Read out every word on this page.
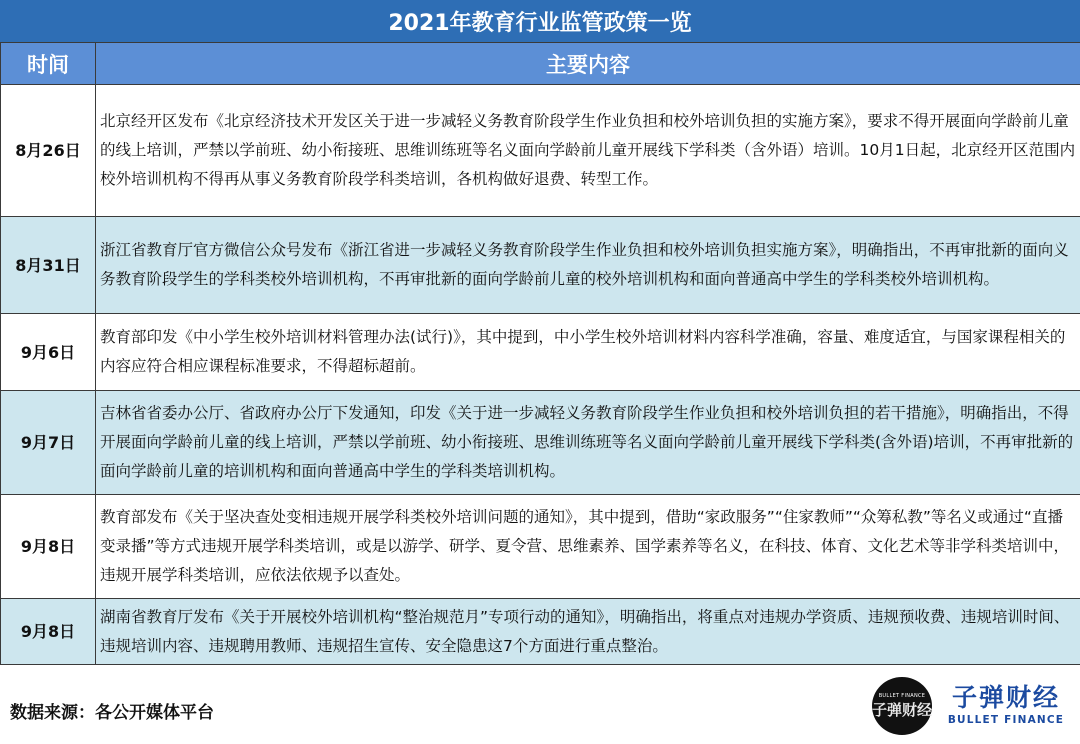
2021年教育行业监管政策一览
时间	主要内容
8月26日	北京经开区发布《北京经济技术开发区关于进一步减轻义务教育阶段学生作业负担和校外培训负担的实施方案》，要求不得开展面向学龄前儿童的线上培训，严禁以学前班、幼小衔接班、思维训练班等名义面向学龄前儿童开展线下学科类（含外语）培训。10月1日起，北京经开区范围内校外培训机构不得再从事义务教育阶段学科类培训，各机构做好退费、转型工作。
8月31日	浙江省教育厅官方微信公众号发布《浙江省进一步减轻义务教育阶段学生作业负担和校外培训负担实施方案》，明确指出，不再审批新的面向义务教育阶段学生的学科类校外培训机构，不再审批新的面向学龄前儿童的校外培训机构和面向普通高中学生的学科类校外培训机构。
9月6日	教育部印发《中小学生校外培训材料管理办法(试行)》，其中提到，中小学生校外培训材料内容科学准确，容量、难度适宜，与国家课程相关的内容应符合相应课程标准要求，不得超标超前。
9月7日	吉林省省委办公厅、省政府办公厅下发通知，印发《关于进一步减轻义务教育阶段学生作业负担和校外培训负担的若干措施》，明确指出，不得开展面向学龄前儿童的线上培训，严禁以学前班、幼小衔接班、思维训练班等名义面向学龄前儿童开展线下学科类(含外语)培训，不再审批新的面向学龄前儿童的培训机构和面向普通高中学生的学科类培训机构。
9月8日	教育部发布《关于坚决查处变相违规开展学科类校外培训问题的通知》，其中提到，借助“家政服务”“住家教师”“众筹私教”等名义或通过“直播变录播”等方式违规开展学科类培训，或是以游学、研学、夏令营、思维素养、国学素养等名义，在科技、体育、文化艺术等非学科类培训中，违规开展学科类培训，应依法依规予以查处。
9月8日	湖南省教育厅发布《关于开展校外培训机构“整治规范月”专项行动的通知》，明确指出，将重点对违规办学资质、违规预收费、违规培训时间、违规培训内容、违规聘用教师、违规招生宣传、安全隐患这7个方面进行重点整治。
数据来源：各公开媒体平台
BULLET FINANCE
子弹财经 子弹财经
BULLET FINANCE
